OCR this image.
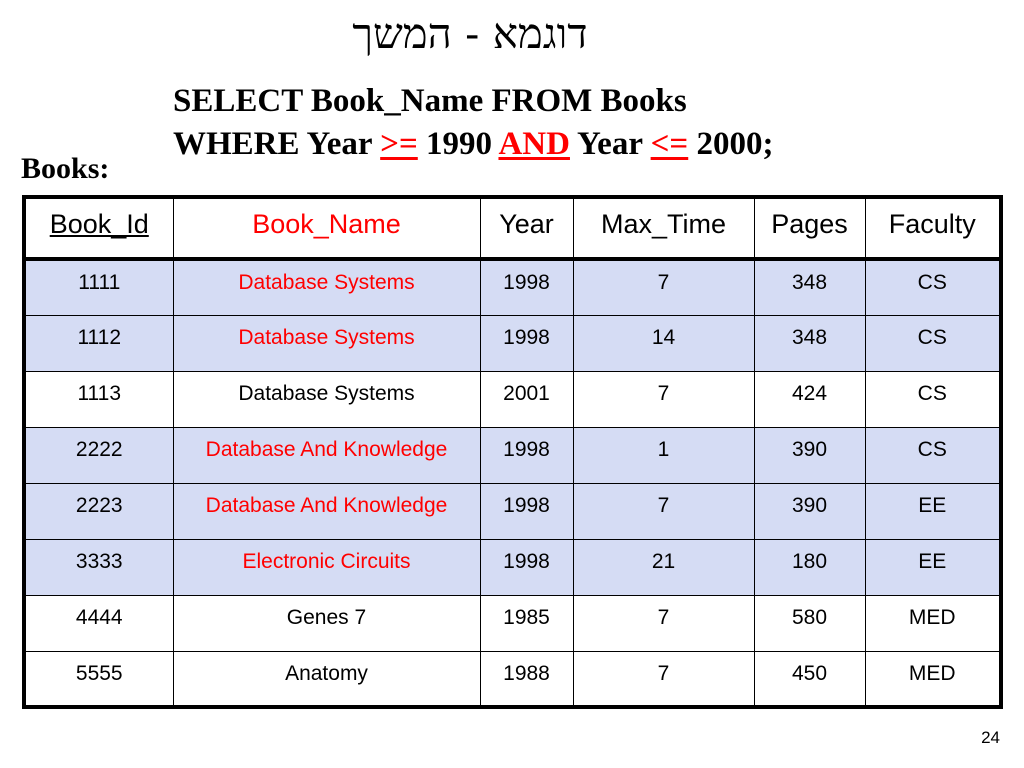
דוגמא - המשך
SELECT Book_Name FROM Books
WHERE Year >= 1990 AND Year <= 2000;
Books:
Book_Id	Book_Name	Year	Max_Time	Pages	Faculty
1111	Database Systems	1998	7	348	CS
1112	Database Systems	1998	14	348	CS
1113	Database Systems	2001	7	424	CS
2222	Database And Knowledge	1998	1	390	CS
2223	Database And Knowledge	1998	7	390	EE
3333	Electronic Circuits	1998	21	180	EE
4444	Genes 7	1985	7	580	MED
5555	Anatomy	1988	7	450	MED
24
